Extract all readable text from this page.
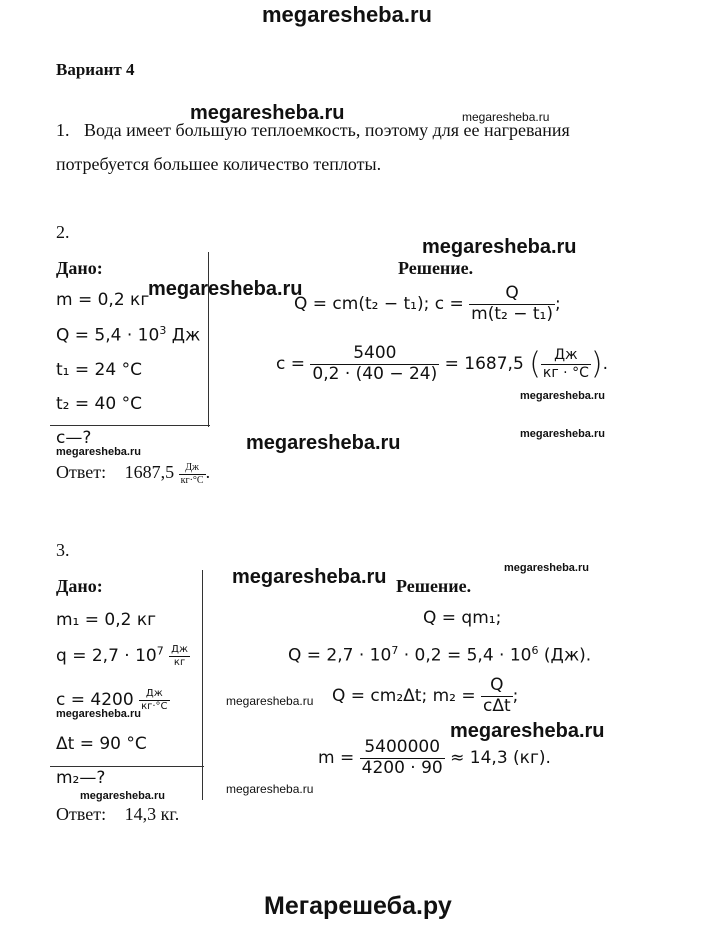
megaresheba.ru
Вариант 4
megaresheba.ru	megaresheba.ru
1. Вода имеет большую теплоемкость, поэтому для ее нагревания
потребуется большее количество теплоты.
2.
megaresheba.ru
Дано:	Решение.
m = 0,2 кг
megaresheba.ru
$Q = 5,4 \cdot 10^3$ Дж
t₁ = 24 °C
t₂ = 40 °C
c—?
megaresheba.ru
Q = cm(t₂ − t₁); $c = \frac{Q}{\text{m(t₂ − t₁)}}$ ;
$c = \frac{5400}{0,2 \cdot (40 - 24)} = 1687,5$ ( $\frac{Дж}{кг \cdot ^\circ C}$ ).
megaresheba.ru
megaresheba.ru	megaresheba.ru
Ответ: $1687,5 \frac{Дж}{кг\cdot^\circ C}$ .
3.
megaresheba.ru
Дано:	megaresheba.ru Решение.
m₁ = 0,2 кг
$q = 2,7 \cdot 10^7 \frac{Дж}{кг}$
$c = 4200 \frac{Дж}{кг\cdot^\circ C}$
megaresheba.ru
Δt = 90 °C
m₂—?
megaresheba.ru
Q = qm₁;
$Q = 2,7 \cdot 10^7 \cdot 0,2 = 5,4 \cdot 10^6$ (Дж).
megaresheba.ru Q = cm₂Δt; $m_2 = \frac{Q}{\text{cΔt}}$ ;
megaresheba.ru
$m = \frac{5400000}{4200 \cdot 90} \approx 14,3$ (кг).
megaresheba.ru
Ответ: 14,3 кг.
Мегарешеба.ру
